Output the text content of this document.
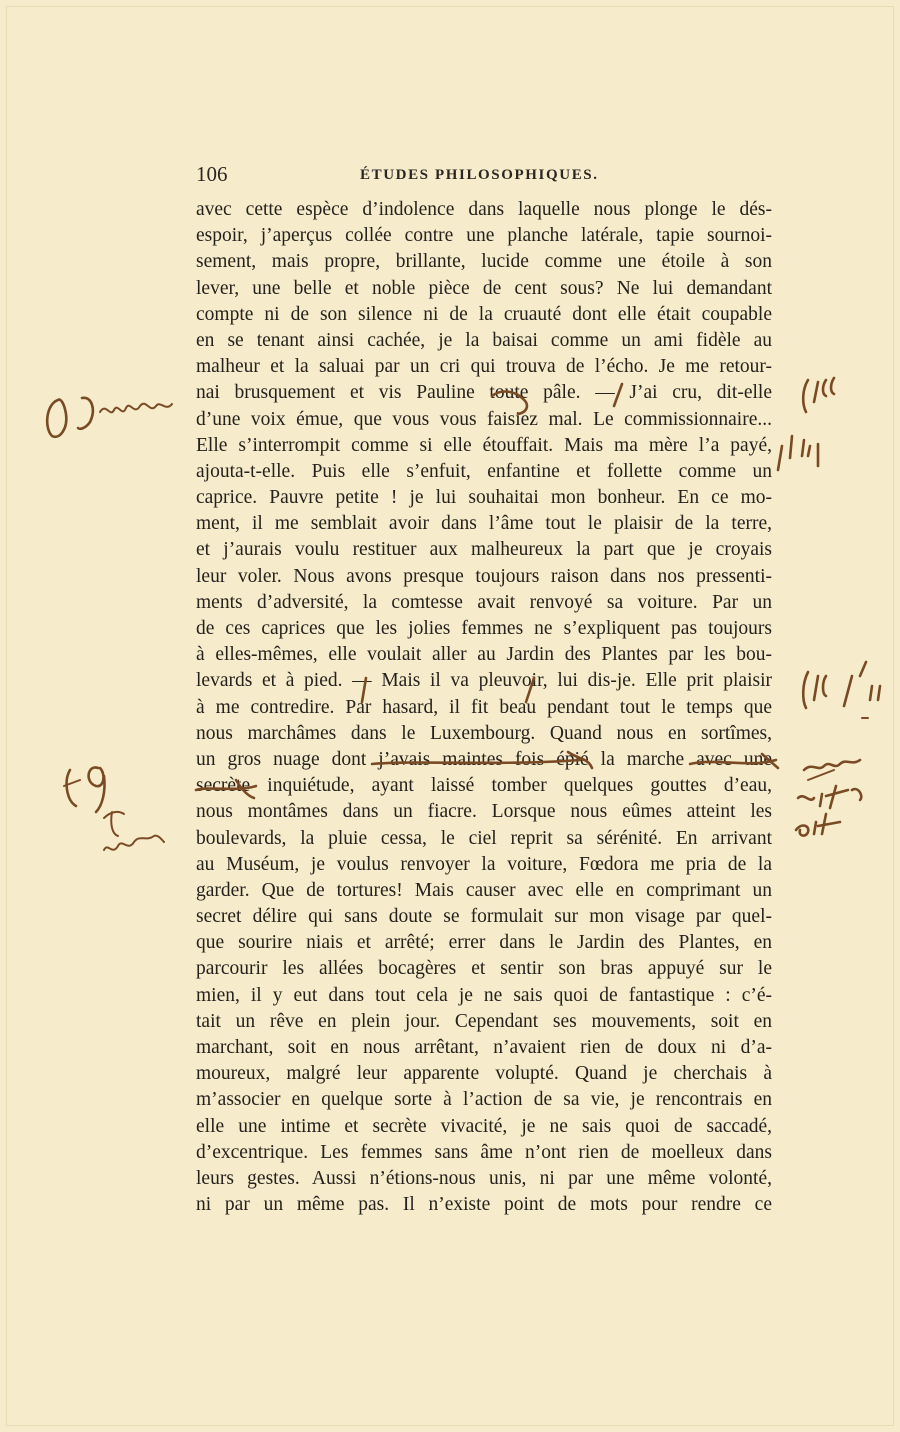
106	ÉTUDES PHILOSOPHIQUES.
avec cette espèce d’indolence dans laquelle nous plonge le dés-
espoir, j’aperçus collée contre une planche latérale, tapie sournoi-
sement, mais propre, brillante, lucide comme une étoile à son
lever, une belle et noble pièce de cent sous? Ne lui demandant
compte ni de son silence ni de la cruauté dont elle était coupable
en se tenant ainsi cachée, je la baisai comme un ami fidèle au
malheur et la saluai par un cri qui trouva de l’écho. Je me retour-
nai brusquement et vis Pauline toute pâle. — J’ai cru, dit-elle
d’une voix émue, que vous vous faisiez mal. Le commissionnaire...
Elle s’interrompit comme si elle étouffait. Mais ma mère l’a payé,
ajouta-t-elle. Puis elle s’enfuit, enfantine et follette comme un
caprice. Pauvre petite ! je lui souhaitai mon bonheur. En ce mo-
ment, il me semblait avoir dans l’âme tout le plaisir de la terre,
et j’aurais voulu restituer aux malheureux la part que je croyais
leur voler. Nous avons presque toujours raison dans nos pressenti-
ments d’adversité, la comtesse avait renvoyé sa voiture. Par un
de ces caprices que les jolies femmes ne s’expliquent pas toujours
à elles-mêmes, elle voulait aller au Jardin des Plantes par les bou-
levards et à pied. — Mais il va pleuvoir, lui dis-je. Elle prit plaisir
à me contredire. Par hasard, il fit beau pendant tout le temps que
nous marchâmes dans le Luxembourg. Quand nous en sortîmes,
un gros nuage dont j’avais maintes fois épié la marche avec une
secrète inquiétude, ayant laissé tomber quelques gouttes d’eau,
nous montâmes dans un fiacre. Lorsque nous eûmes atteint les
boulevards, la pluie cessa, le ciel reprit sa sérénité. En arrivant
au Muséum, je voulus renvoyer la voiture, Fœdora me pria de la
garder. Que de tortures! Mais causer avec elle en comprimant un
secret délire qui sans doute se formulait sur mon visage par quel-
que sourire niais et arrêté; errer dans le Jardin des Plantes, en
parcourir les allées bocagères et sentir son bras appuyé sur le
mien, il y eut dans tout cela je ne sais quoi de fantastique : c’é-
tait un rêve en plein jour. Cependant ses mouvements, soit en
marchant, soit en nous arrêtant, n’avaient rien de doux ni d’a-
moureux, malgré leur apparente volupté. Quand je cherchais à
m’associer en quelque sorte à l’action de sa vie, je rencontrais en
elle une intime et secrète vivacité, je ne sais quoi de saccadé,
d’excentrique. Les femmes sans âme n’ont rien de moelleux dans
leurs gestes. Aussi n’étions-nous unis, ni par une même volonté,
ni par un même pas. Il n’existe point de mots pour rendre ce
